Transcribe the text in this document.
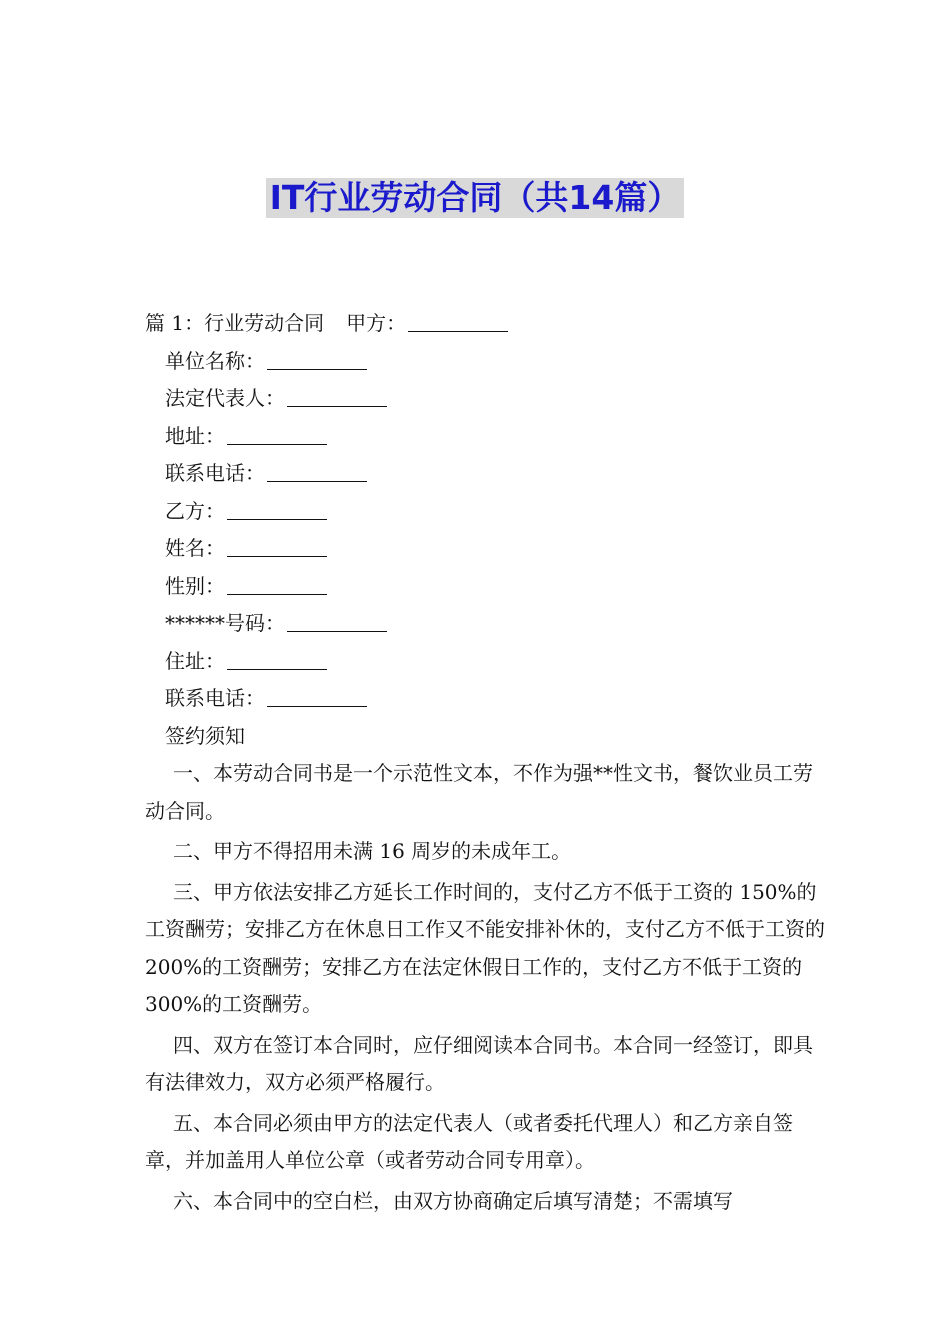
IT行业劳动合同（共14篇）
篇 1：行业劳动合同 甲方：
单位名称：
法定代表人：
地址：
联系电话：
乙方：
姓名：
性别：
******号码：
住址：
联系电话：
签约须知

一、本劳动合同书是一个示范性文本，不作为强**性文书，餐饮业员工劳动合同。

二、甲方不得招用未满 16 周岁的未成年工。

三、甲方依法安排乙方延长工作时间的，支付乙方不低于工资的 150%的工资酬劳；安排乙方在休息日工作又不能安排补休的，支付乙方不低于工资的 200%的工资酬劳；安排乙方在法定休假日工作的，支付乙方不低于工资的 300%的工资酬劳。

四、双方在签订本合同时，应仔细阅读本合同书。本合同一经签订，即具有法律效力，双方必须严格履行。

五、本合同必须由甲方的法定代表人（或者委托代理人）和乙方亲自签章，并加盖用人单位公章（或者劳动合同专用章）。

六、本合同中的空白栏，由双方协商确定后填写清楚；不需填写
